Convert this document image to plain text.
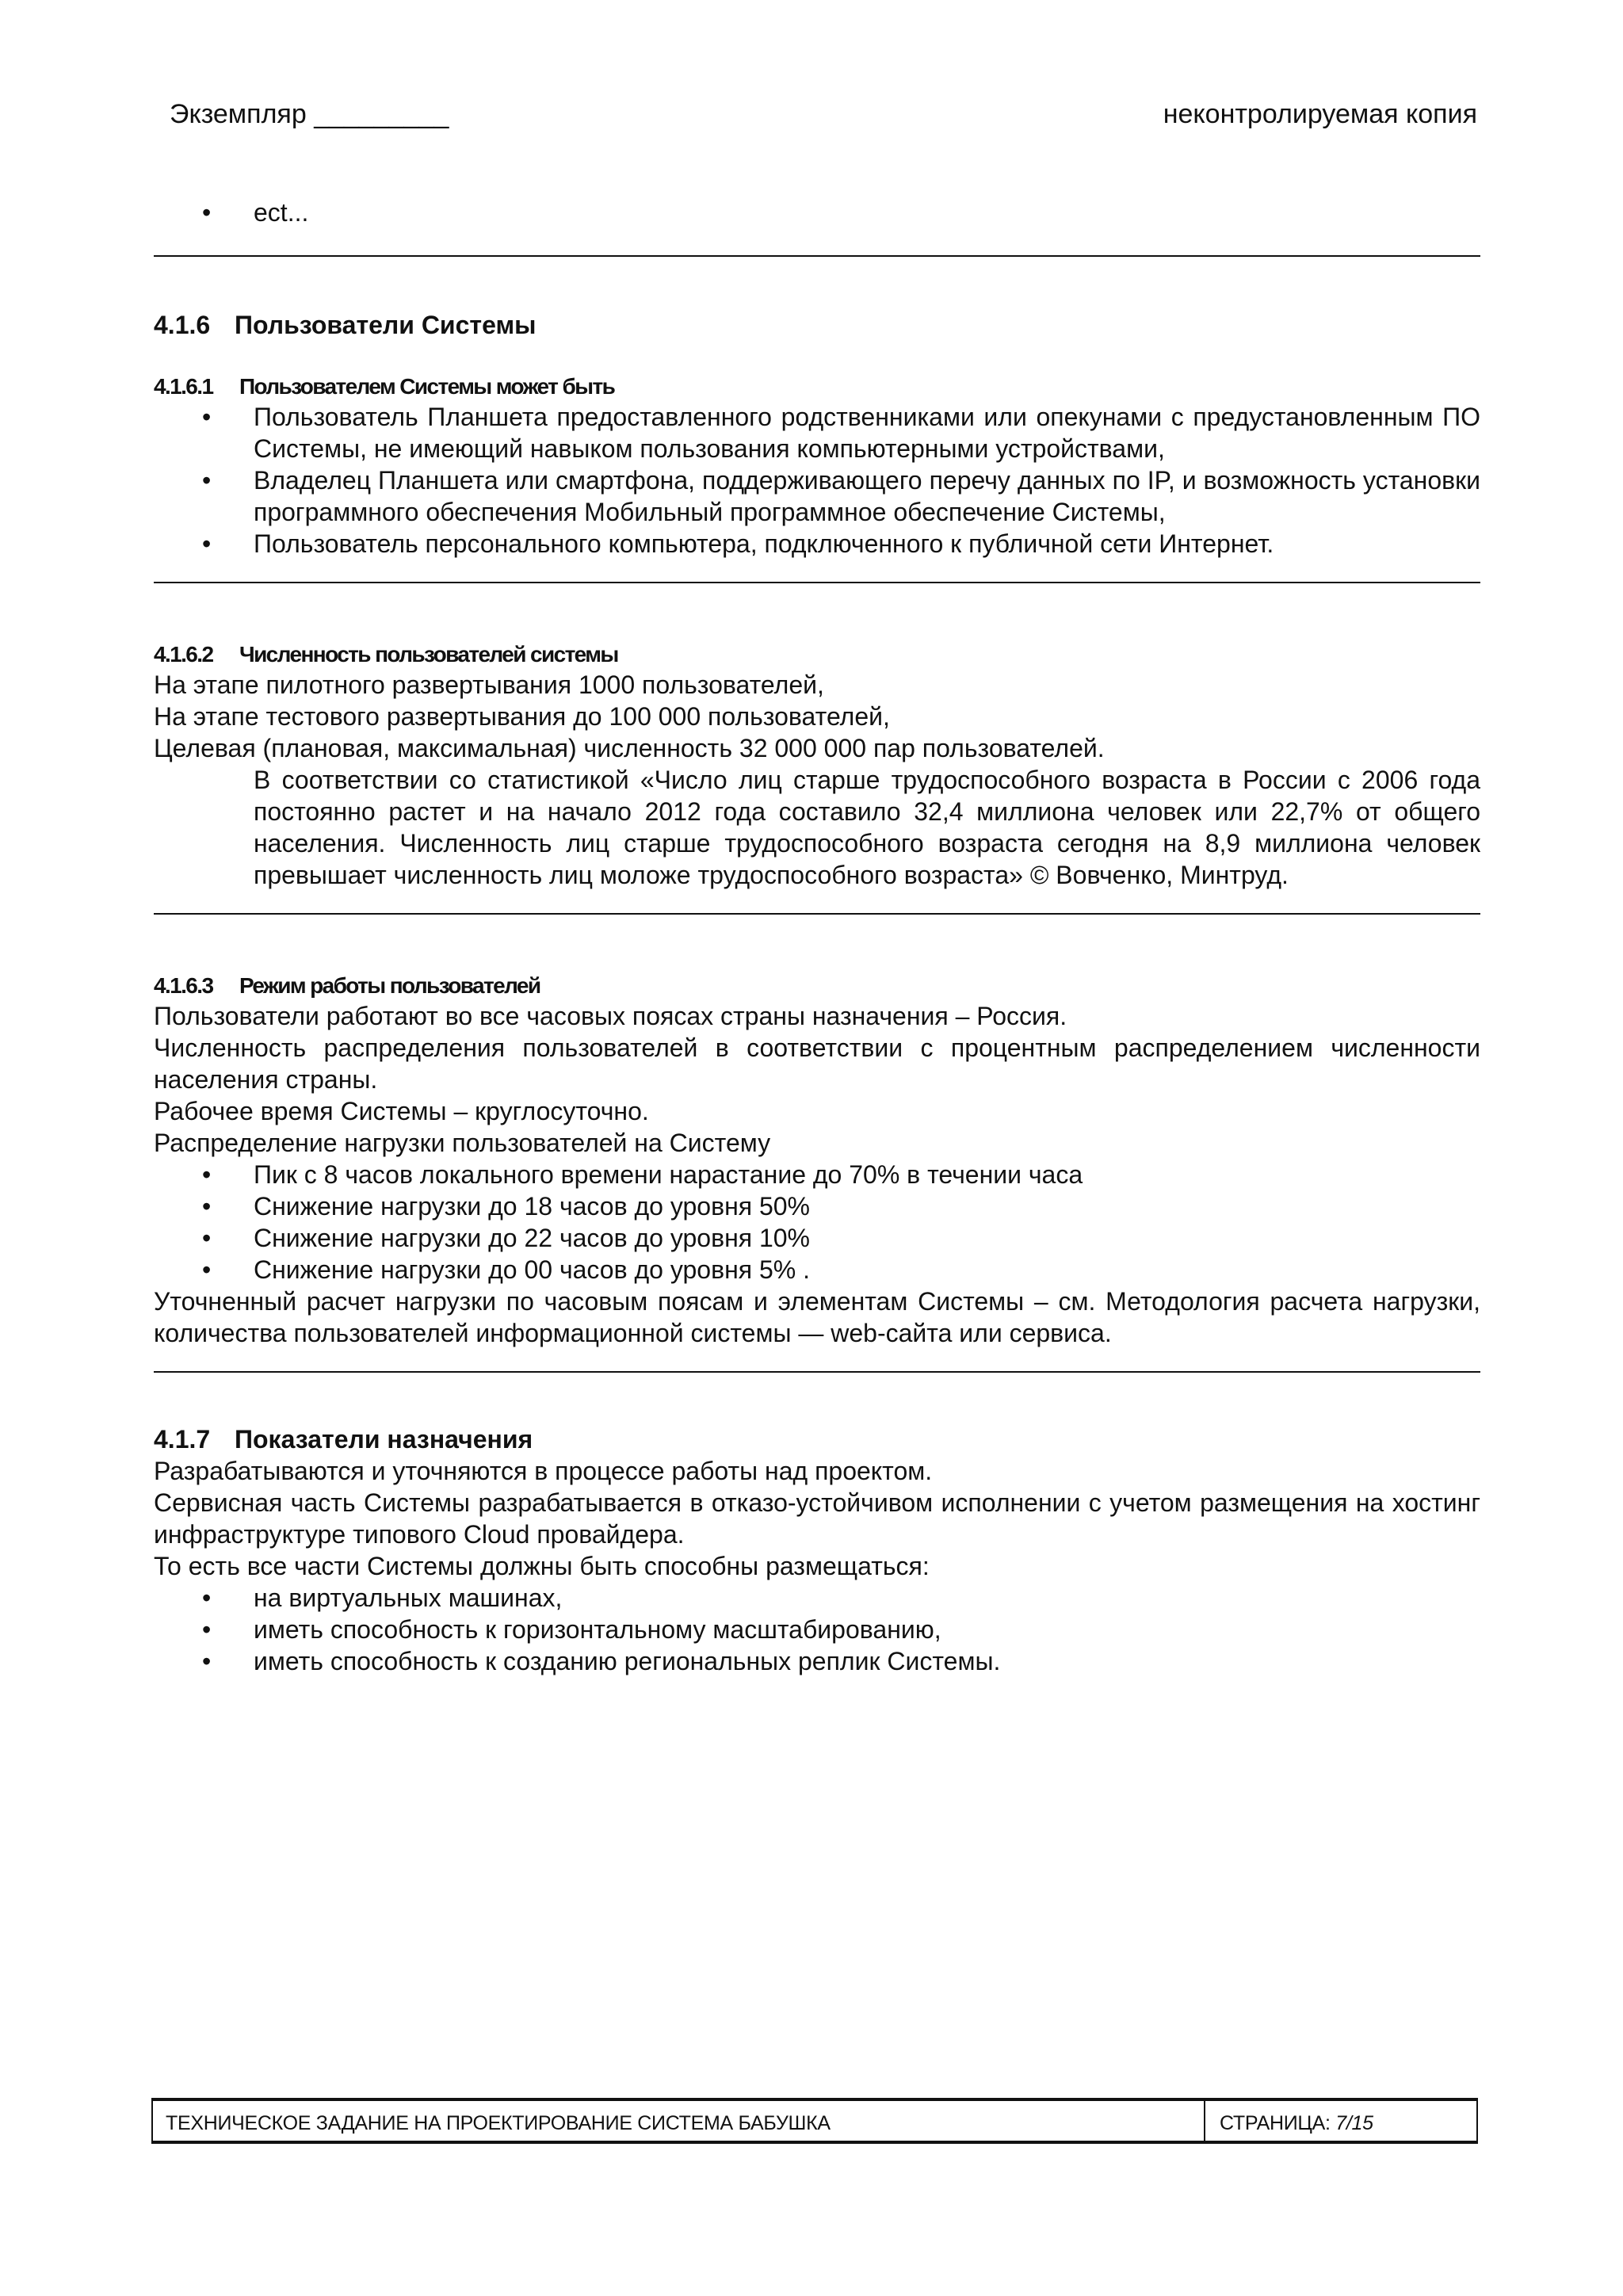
Экземпляр _________	неконтролируемая копия
• ect...
4.1.6 Пользователи Системы
4.1.6.1 Пользователем Системы может быть
• Пользователь Планшета предоставленного родственниками или опекунами с предустановленным ПО Системы, не имеющий навыком пользования компьютерными устройствами,
• Владелец Планшета или смартфона, поддерживающего перечу данных по IP, и возможность установки программного обеспечения Мобильный программное обеспечение Системы,
• Пользователь персонального компьютера, подключенного к публичной сети Интернет.
4.1.6.2 Численность пользователей системы

На этапе пилотного развертывания 1000 пользователей,

На этапе тестового развертывания до 100 000 пользователей,

Целевая (плановая, максимальная) численность 32 000 000 пар пользователей.

В соответствии со статистикой «Число лиц старше трудоспособного возраста в России с 2006 года постоянно растет и на начало 2012 года составило 32,4 миллиона человек или 22,7% от общего населения. Численность лиц старше трудоспособного возраста сегодня на 8,9 миллиона человек превышает численность лиц моложе трудоспособного возраста» © Вовченко, Минтруд.

4.1.6.3 Режим работы пользователей

Пользователи работают во все часовых поясах страны назначения – Россия.

Численность распределения пользователей в соответствии с процентным распределением численности населения страны.

Рабочее время Системы – круглосуточно.

Распределение нагрузки пользователей на Систему

• Пик с 8 часов локального времени нарастание до 70% в течении часа
• Снижение нагрузки до 18 часов до уровня 50%
• Снижение нагрузки до 22 часов до уровня 10%
• Снижение нагрузки до 00 часов до уровня 5% .

Уточненный расчет нагрузки по часовым поясам и элементам Системы – см. Методология расчета нагрузки, количества пользователей информационной системы — web-сайта или сервиса.

4.1.7 Показатели назначения

Разрабатываются и уточняются в процессе работы над проектом.

Сервисная часть Системы разрабатывается в отказо-устойчивом исполнении с учетом размещения на хостинг инфраструктуре типового Cloud провайдера.

То есть все части Системы должны быть способны размещаться:

• на виртуальных машинах,
• иметь способность к горизонтальному масштабированию,
• иметь способность к созданию региональных реплик Системы.
ТЕХНИЧЕСКОЕ ЗАДАНИЕ НА ПРОЕКТИРОВАНИЕ СИСТЕМА БАБУШКА	СТРАНИЦА: 7/15
